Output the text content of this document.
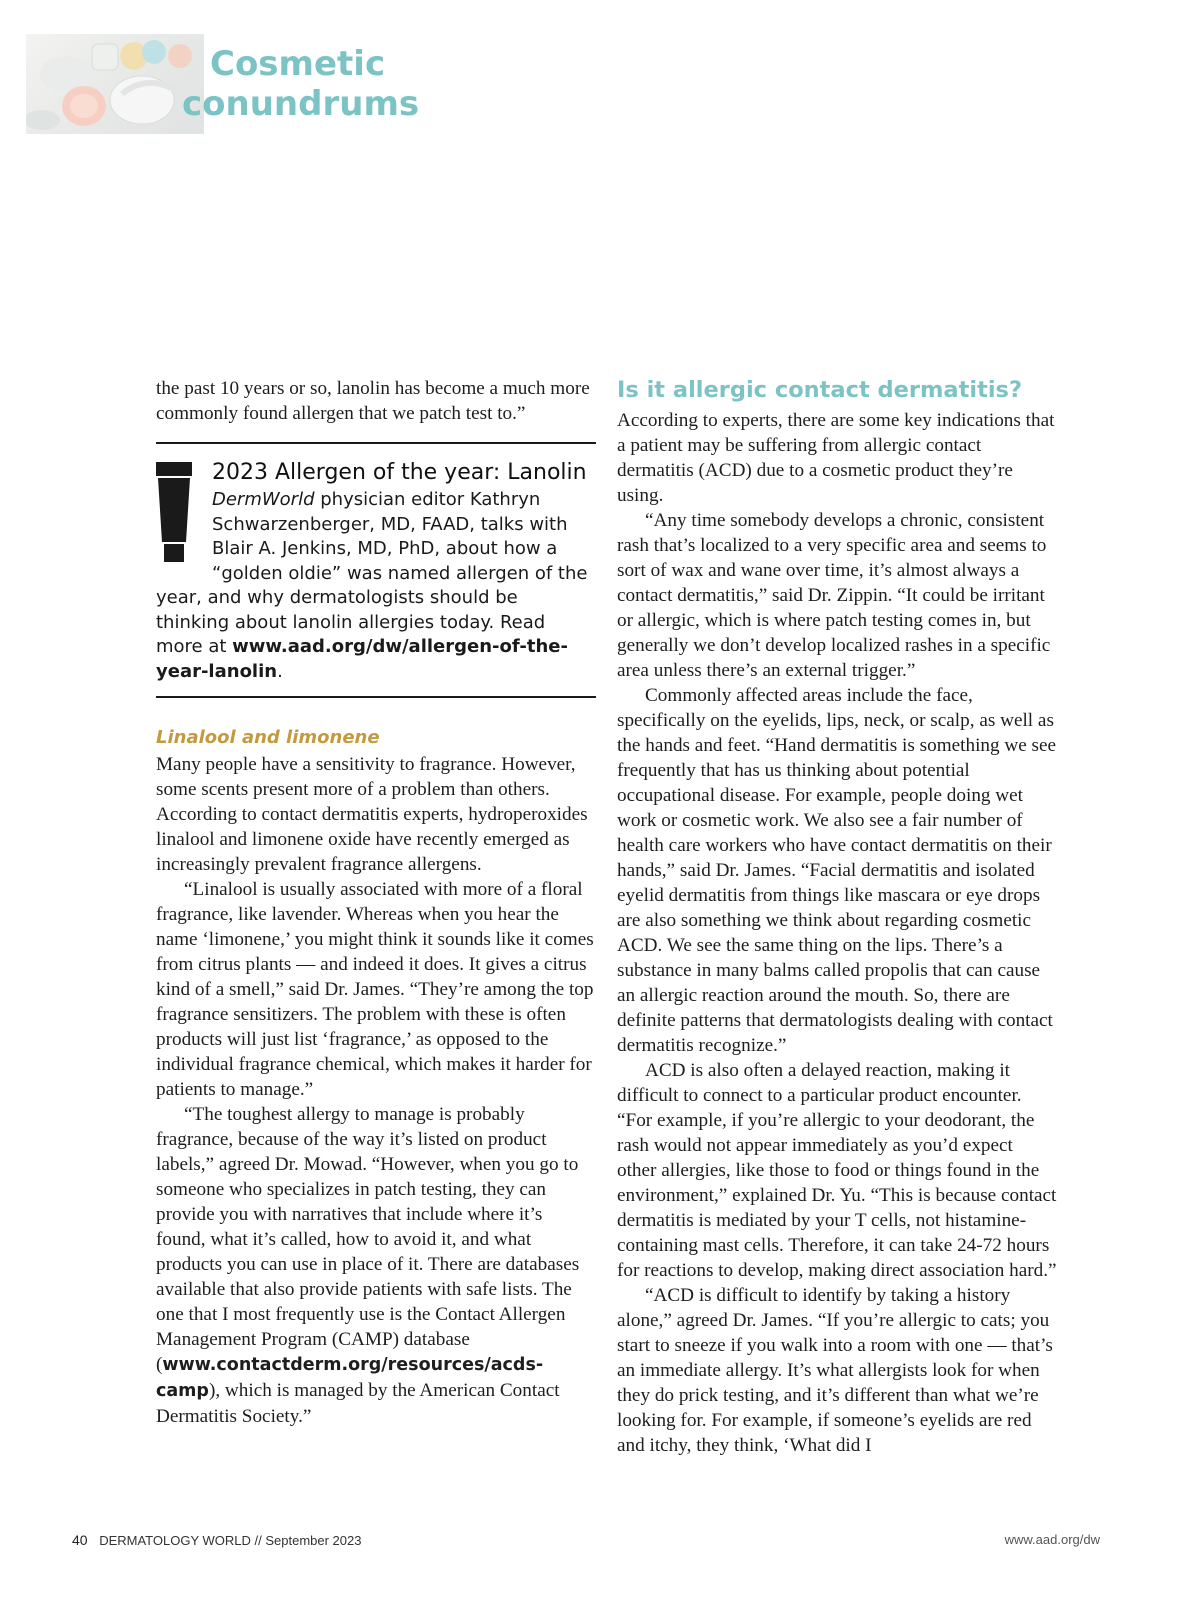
Cosmetic
conundrums

the past 10 years or so, lanolin has become a much more commonly found allergen that we patch test to.”

2023 Allergen of the year: Lanolin

DermWorld physician editor Kathryn Schwarzenberger, MD, FAAD, talks with Blair A. Jenkins, MD, PhD, about how a “golden oldie” was named allergen of the year, and why dermatologists should be thinking about lanolin allergies today. Read more at www.aad.org/dw/allergen-of-the-year-lanolin.

Linalool and limonene

Many people have a sensitivity to fragrance. However, some scents present more of a problem than others. According to contact dermatitis experts, hydroperoxides linalool and limonene oxide have recently emerged as increasingly prevalent fragrance allergens.

“Linalool is usually associated with more of a floral fragrance, like lavender. Whereas when you hear the name ‘limonene,’ you might think it sounds like it comes from citrus plants — and indeed it does. It gives a citrus kind of a smell,” said Dr. James. “They’re among the top fragrance sensitizers. The problem with these is often products will just list ‘fragrance,’ as opposed to the individual fragrance chemical, which makes it harder for patients to manage.”

“The toughest allergy to manage is probably fragrance, because of the way it’s listed on product labels,” agreed Dr. Mowad. “However, when you go to someone who specializes in patch testing, they can provide you with narratives that include where it’s found, what it’s called, how to avoid it, and what products you can use in place of it. There are databases available that also provide patients with safe lists. The one that I most frequently use is the Contact Allergen Management Program (CAMP) database (www.contactderm.org/resources/acds-camp), which is managed by the American Contact Dermatitis Society.”

Is it allergic contact dermatitis?

According to experts, there are some key indications that a patient may be suffering from allergic contact dermatitis (ACD) due to a cosmetic product they’re using.

“Any time somebody develops a chronic, consistent rash that’s localized to a very specific area and seems to sort of wax and wane over time, it’s almost always a contact dermatitis,” said Dr. Zippin. “It could be irritant or allergic, which is where patch testing comes in, but generally we don’t develop localized rashes in a specific area unless there’s an external trigger.”

Commonly affected areas include the face, specifically on the eyelids, lips, neck, or scalp, as well as the hands and feet. “Hand dermatitis is something we see frequently that has us thinking about potential occupational disease. For example, people doing wet work or cosmetic work. We also see a fair number of health care workers who have contact dermatitis on their hands,” said Dr. James. “Facial dermatitis and isolated eyelid dermatitis from things like mascara or eye drops are also something we think about regarding cosmetic ACD. We see the same thing on the lips. There’s a substance in many balms called propolis that can cause an allergic reaction around the mouth. So, there are definite patterns that dermatologists dealing with contact dermatitis recognize.”

ACD is also often a delayed reaction, making it difficult to connect to a particular product encounter. “For example, if you’re allergic to your deodorant, the rash would not appear immediately as you’d expect other allergies, like those to food or things found in the environment,” explained Dr. Yu. “This is because contact dermatitis is mediated by your T cells, not histamine-containing mast cells. Therefore, it can take 24-72 hours for reactions to develop, making direct association hard.”

“ACD is difficult to identify by taking a history alone,” agreed Dr. James. “If you’re allergic to cats; you start to sneeze if you walk into a room with one — that’s an immediate allergy. It’s what allergists look for when they do prick testing, and it’s different than what we’re looking for. For example, if someone’s eyelids are red and itchy, they think, ‘What did I

40 DERMATOLOGY WORLD // September 2023	www.aad.org/dw
